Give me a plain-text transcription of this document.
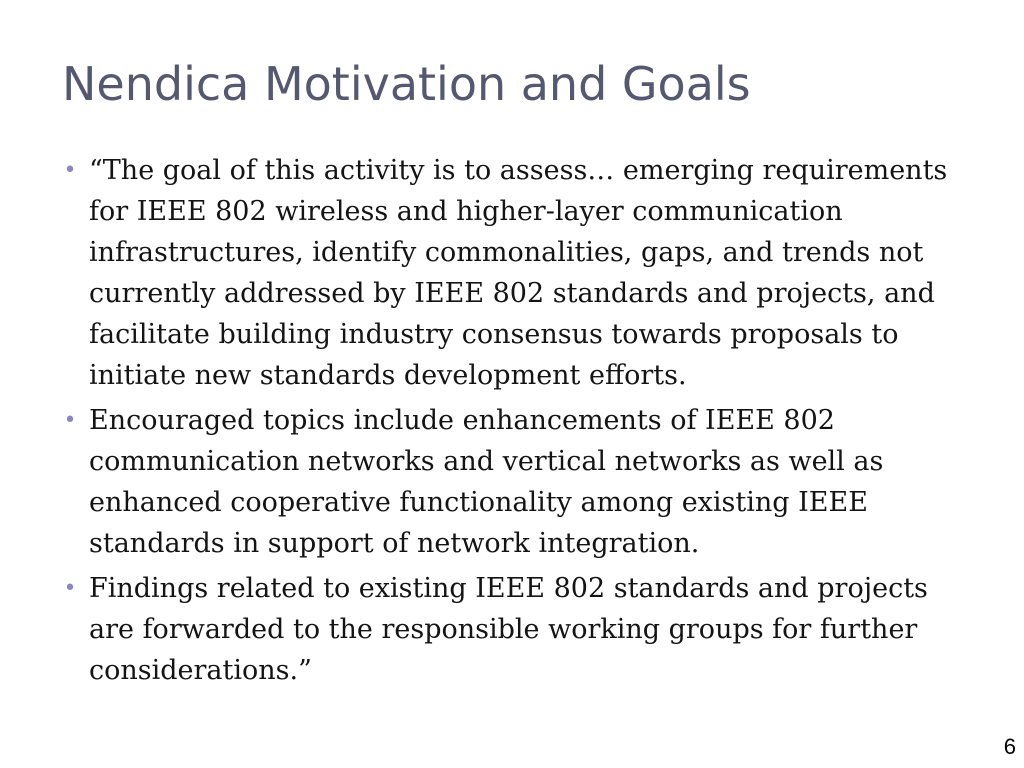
Nendica Motivation and Goals
• “The goal of this activity is to assess… emerging requirements for IEEE 802 wireless and higher-layer communication infrastructures, identify commonalities, gaps, and trends not currently addressed by IEEE 802 standards and projects, and facilitate building industry consensus towards proposals to initiate new standards development efforts.
• Encouraged topics include enhancements of IEEE 802 communication networks and vertical networks as well as enhanced cooperative functionality among existing IEEE standards in support of network integration.
• Findings related to existing IEEE 802 standards and projects are forwarded to the responsible working groups for further considerations.”
6
